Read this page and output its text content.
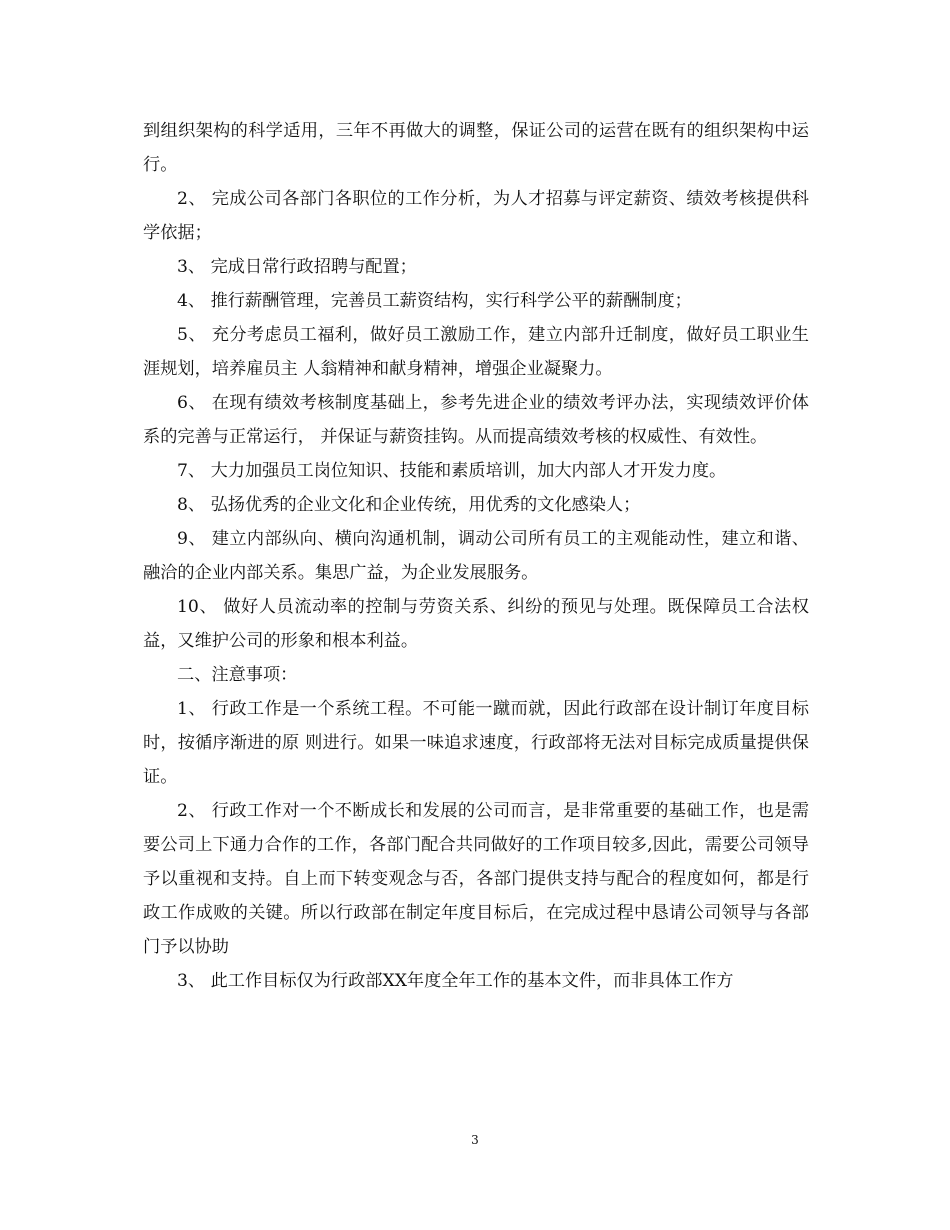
到组织架构的科学适用，三年不再做大的调整，保证公司的运营在既有的组织架构中运行。

2、 完成公司各部门各职位的工作分析，为人才招募与评定薪资、绩效考核提供科学依据；

3、 完成日常行政招聘与配置；

4、 推行薪酬管理，完善员工薪资结构，实行科学公平的薪酬制度；

5、 充分考虑员工福利，做好员工激励工作，建立内部升迁制度，做好员工职业生涯规划，培养雇员主 人翁精神和献身精神，增强企业凝聚力。

6、 在现有绩效考核制度基础上，参考先进企业的绩效考评办法，实现绩效评价体系的完善与正常运行， 并保证与薪资挂钩。从而提高绩效考核的权威性、有效性。

7、 大力加强员工岗位知识、技能和素质培训，加大内部人才开发力度。

8、 弘扬优秀的企业文化和企业传统，用优秀的文化感染人；

9、 建立内部纵向、横向沟通机制，调动公司所有员工的主观能动性，建立和谐、融洽的企业内部关系。集思广益，为企业发展服务。

10、 做好人员流动率的控制与劳资关系、纠纷的预见与处理。既保障员工合法权益，又维护公司的形象和根本利益。

二、注意事项：

1、 行政工作是一个系统工程。不可能一蹴而就，因此行政部在设计制订年度目标时，按循序渐进的原 则进行。如果一味追求速度，行政部将无法对目标完成质量提供保证。

2、 行政工作对一个不断成长和发展的公司而言，是非常重要的基础工作，也是需要公司上下通力合作的工作，各部门配合共同做好的工作项目较多,因此，需要公司领导予以重视和支持。自上而下转变观念与否，各部门提供支持与配合的程度如何，都是行政工作成败的关键。所以行政部在制定年度目标后，在完成过程中恳请公司领导与各部门予以协助

3、 此工作目标仅为行政部XX年度全年工作的基本文件，而非具体工作方

3
